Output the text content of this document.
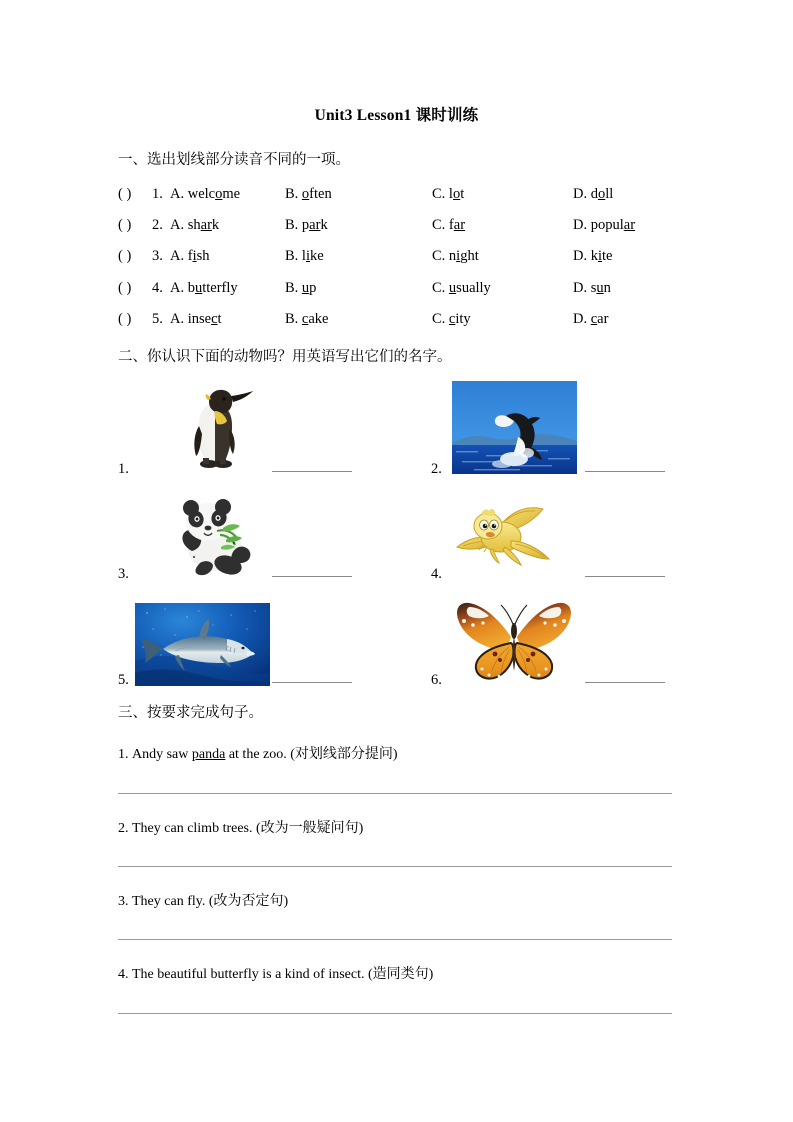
Unit3 Lesson1 课时训练
一、选出划线部分读音不同的一项。
( ) 1. A. welcome	B. often	C. lot	D. doll
( ) 2. A. shark	B. park	C. far	D. popular
( ) 3. A. fish	B. like	C. night	D. kite
( ) 4. A. butterfly	B. up	C. usually	D. sun
( ) 5. A. insect	B. cake	C. city	D. car
二、你认识下面的动物吗？用英语写出它们的名字。
1.	2.
3.	4.
5.	6.
三、按要求完成句子。
1. Andy saw panda at the zoo. (对划线部分提问)
2. They can climb trees. (改为一般疑问句)
3. They can fly. (改为否定句)
4. The beautiful butterfly is a kind of insect. (造同类句)
